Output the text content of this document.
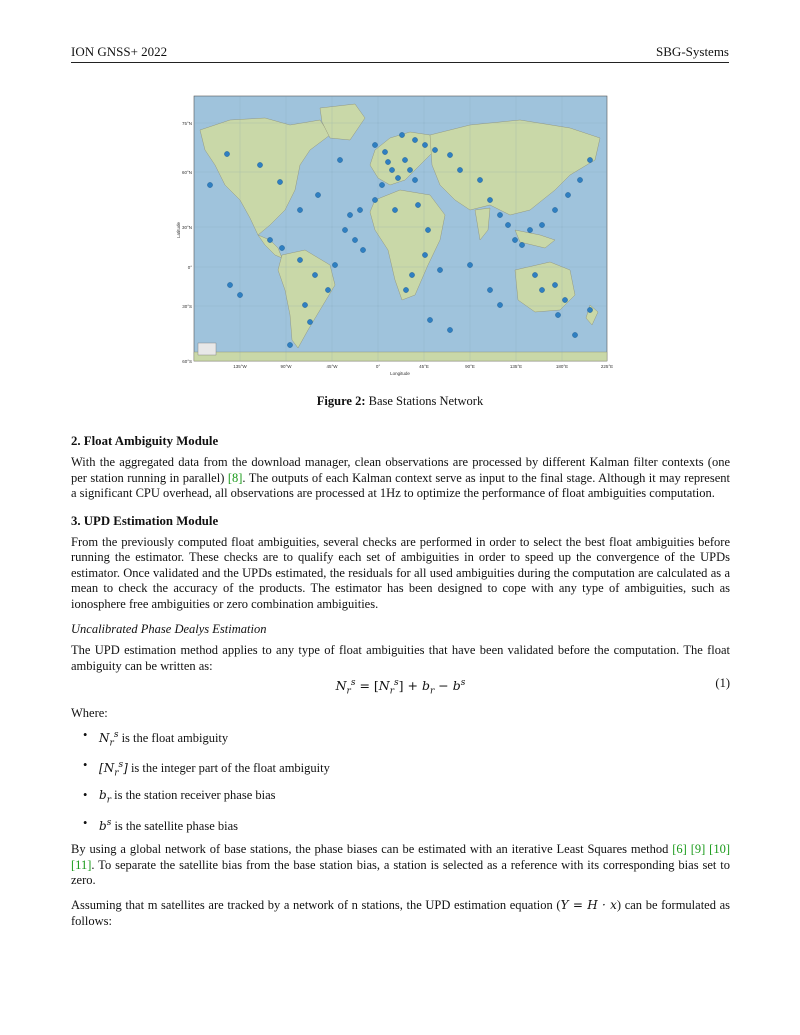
ION GNSS+ 2022	SBG-Systems
75°N
60°N
30°N
0°
30°S
60°S
135°W	90°W	45°W	0°	45°E	90°E	135°E	180°E	225°E
Longitude
Latitude
Figure 2: Base Stations Network
2. Float Ambiguity Module

With the aggregated data from the download manager, clean observations are processed by different Kalman filter contexts (one per station running in parallel) [8]. The outputs of each Kalman context serve as input to the final stage. Although it may represent a significant CPU overhead, all observations are processed at 1Hz to optimize the performance of float ambiguities computation.

3. UPD Estimation Module

From the previously computed float ambiguities, several checks are performed in order to select the best float ambiguities before running the estimator. These checks are to qualify each set of ambiguities in order to speed up the convergence of the UPDs estimator. Once validated and the UPDs estimated, the residuals for all used ambiguities during the computation are calculated as a mean to check the accuracy of the products. The estimator has been designed to cope with any type of ambiguities, such as ionosphere free ambiguities or zero combination ambiguities.

Uncalibrated Phase Dealys Estimation

The UPD estimation method applies to any type of float ambiguities that have been validated before the computation. The float ambiguity can be written as:

$N_r^s = [N_r^s] + b_r - b^s$	(1)

Where:

• $N_r^s$ is the float ambiguity
• $[N_r^s]$ is the integer part of the float ambiguity
• $b_r$ is the station receiver phase bias
• $b^s$ is the satellite phase bias

By using a global network of base stations, the phase biases can be estimated with an iterative Least Squares method [6] [9] [10] [11]. To separate the satellite bias from the base station bias, a station is selected as a reference with its corresponding bias set to zero.

Assuming that m satellites are tracked by a network of n stations, the UPD estimation equation (Y = H · x) can be formulated as follows:
